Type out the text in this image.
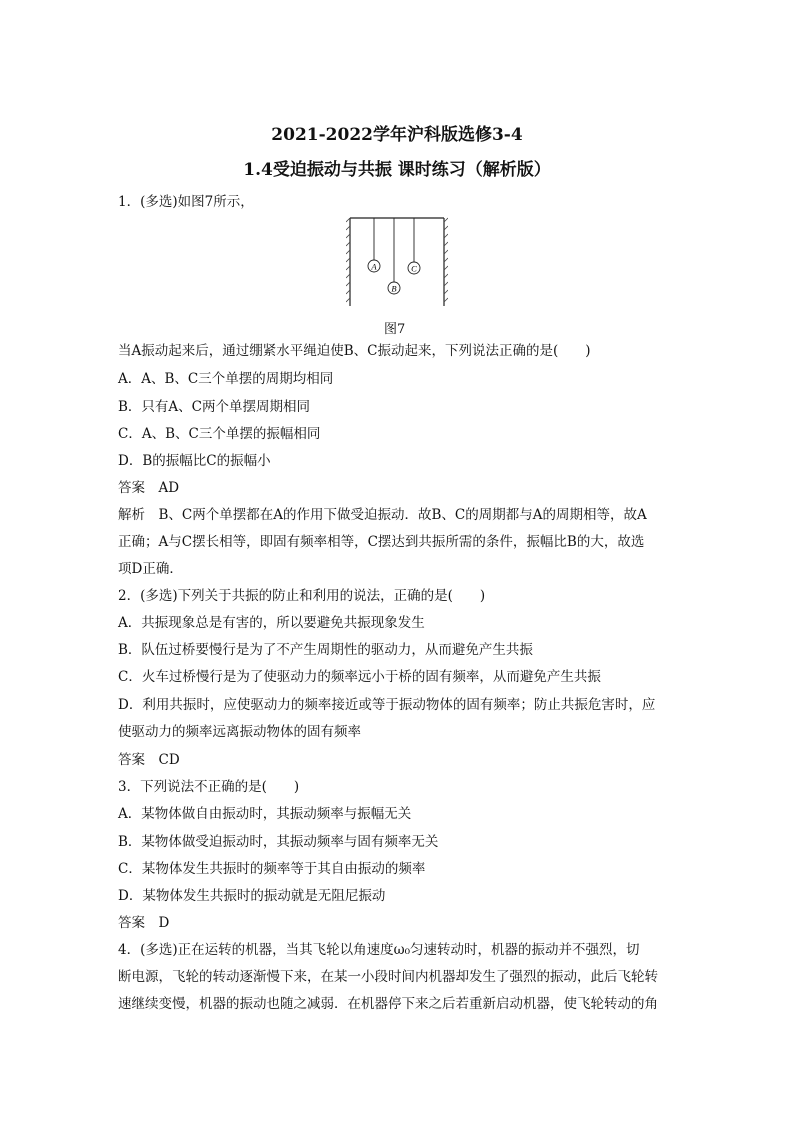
2021-2022学年沪科版选修3-4
1.4受迫振动与共振 课时练习（解析版）
1．(多选)如图7所示，
A
B
C
图7
当A振动起来后，通过绷紧水平绳迫使B、C振动起来，下列说法正确的是(　　)
A．A、B、C三个单摆的周期均相同
B．只有A、C两个单摆周期相同
C．A、B、C三个单摆的振幅相同
D．B的振幅比C的振幅小
答案　AD
解析　B、C两个单摆都在A的作用下做受迫振动．故B、C的周期都与A的周期相等，故A
正确；A与C摆长相等，即固有频率相等，C摆达到共振所需的条件，振幅比B的大，故选
项D正确．
2．(多选)下列关于共振的防止和利用的说法，正确的是(　　)
A．共振现象总是有害的，所以要避免共振现象发生
B．队伍过桥要慢行是为了不产生周期性的驱动力，从而避免产生共振
C．火车过桥慢行是为了使驱动力的频率远小于桥的固有频率，从而避免产生共振
D．利用共振时，应使驱动力的频率接近或等于振动物体的固有频率；防止共振危害时，应
使驱动力的频率远离振动物体的固有频率
答案　CD
3．下列说法不正确的是(　　)
A．某物体做自由振动时，其振动频率与振幅无关
B．某物体做受迫振动时，其振动频率与固有频率无关
C．某物体发生共振时的频率等于其自由振动的频率
D．某物体发生共振时的振动就是无阻尼振动
答案　D
4．(多选)正在运转的机器，当其飞轮以角速度ω₀匀速转动时，机器的振动并不强烈，切
断电源，飞轮的转动逐渐慢下来，在某一小段时间内机器却发生了强烈的振动，此后飞轮转
速继续变慢，机器的振动也随之减弱．在机器停下来之后若重新启动机器，使飞轮转动的角
